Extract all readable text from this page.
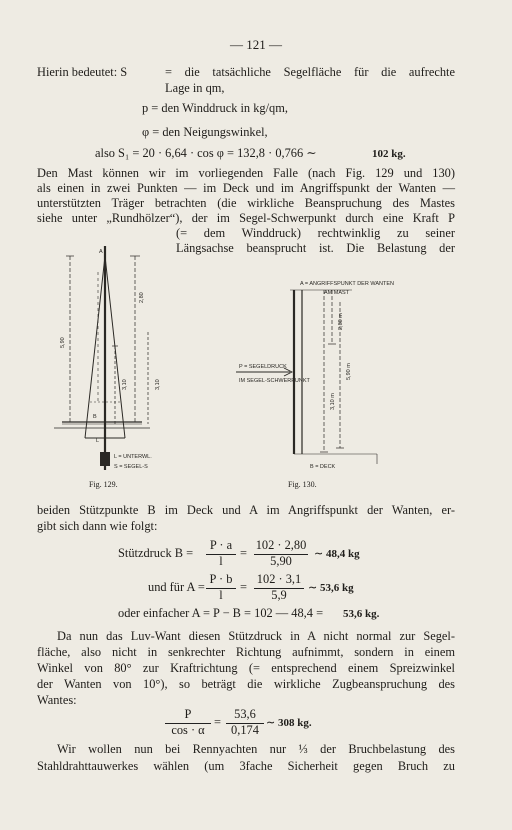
— 121 —
Hierin bedeutet: S	= die tatsächliche Segelfläche für die aufrechte
Lage in qm,
p = den Winddruck in kg/qm,
φ = den Neigungswinkel,
also S₁ = 20 · 6,64 · cos φ = 132,8 · 0,766 ∼	102 kg.
Den Mast können wir im vorliegenden Falle (nach Fig. 129 und 130)
als einen in zwei Punkten — im Deck und im Angriffspunkt der Wanten —
unterstützten Träger betrachten (die wirkliche Beanspruchung des Mastes
siehe unter „Rundhölzer“), der im Segel-Schwerpunkt durch eine Kraft P
(= dem Winddruck) rechtwinklig zu seiner
Längsachse beansprucht ist. Die Belastung der
A
5,90
2,80
3,10	3,10
B
L
L = UNTERWL.
S = SEGEL-S
Fig. 129.
A = ANGRIFFSPUNKT DER WANTEN
AM MAST
P = SEGELDRUCK
IM SEGEL-SCHWERPUNKT
2,80 m
5,90 m
3,10 m
B = DECK
Fig. 130.
beiden Stützpunkte B im Deck und A im Angriffspunkt der Wanten, er-
gibt sich dann wie folgt:
Stützdruck B =
P · a
l
=
102 · 2,80
5,90	∼ 48,4 kg
und für A =
P · b
l
=
102 · 3,1
5,9	∼ 53,6 kg
oder einfacher A = P − B = 102 — 48,4 = 53,6 kg.
Da nun das Luv-Want diesen Stützdruck in A nicht normal zur Segel-
fläche, also nicht in senkrechter Richtung aufnimmt, sondern in einem
Winkel von 80° zur Kraftrichtung (= entsprechend einem Spreizwinkel
der Wanten von 10°), so beträgt die wirkliche Zugbeanspruchung des
Wantes:
P
cos · α
=
53,6
0,174 ∼ 308 kg.
Wir wollen nun bei Rennyachten nur ⅓ der Bruchbelastung des
Stahldrahttauwerkes wählen (um 3fache Sicherheit gegen Bruch zu
